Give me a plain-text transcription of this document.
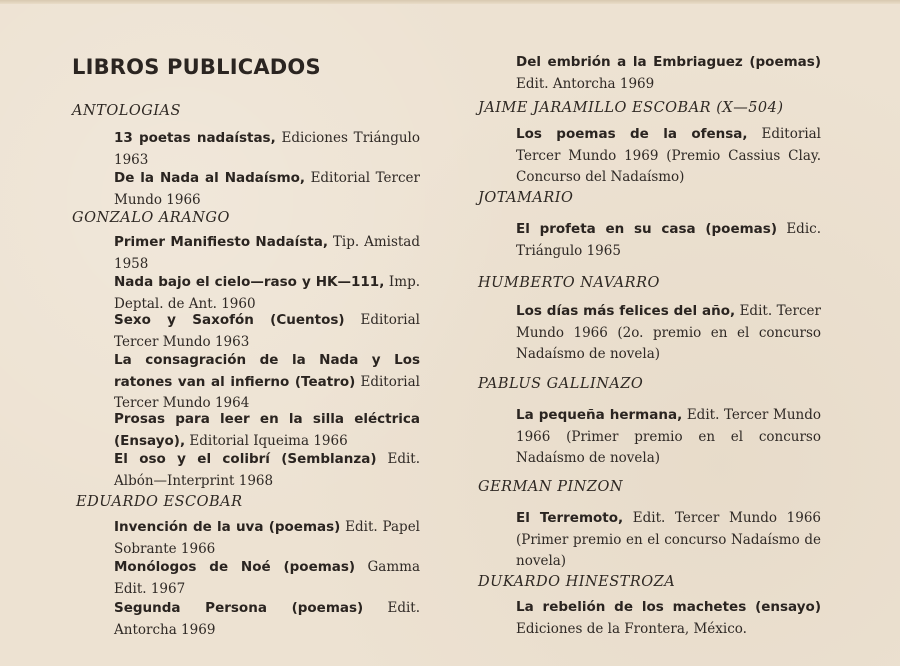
LIBROS PUBLICADOS
ANTOLOGIAS
13 poetas nadaístas, Ediciones Triángulo 1963
De la Nada al Nadaísmo, Editorial Tercer Mundo 1966
GONZALO ARANGO
Primer Manifiesto Nadaísta, Tip. Amistad 1958
Nada bajo el cielo—raso y HK—111, Imp. Deptal. de Ant. 1960
Sexo y Saxofón (Cuentos) Editorial Tercer Mundo 1963
La consagración de la Nada y Los ratones van al infierno (Teatro) Editorial Tercer Mundo 1964
Prosas para leer en la silla eléctrica (Ensayo), Editorial Iqueima 1966
El oso y el colibrí (Semblanza) Edit. Albón—Interprint 1968
EDUARDO ESCOBAR
Invención de la uva (poemas) Edit. Papel Sobrante 1966
Monólogos de Noé (poemas) Gamma Edit. 1967
Segunda Persona (poemas) Edit. Antorcha 1969
Del embrión a la Embriaguez (poemas) Edit. Antorcha 1969
JAIME JARAMILLO ESCOBAR (X—504)
Los poemas de la ofensa, Editorial Tercer Mundo 1969 (Premio Cassius Clay. Concurso del Nadaísmo)
JOTAMARIO
El profeta en su casa (poemas) Edic. Triángulo 1965
HUMBERTO NAVARRO
Los días más felices del año, Edit. Tercer Mundo 1966 (2o. premio en el concurso Nadaísmo de novela)
PABLUS GALLINAZO
La pequeña hermana, Edit. Tercer Mundo 1966 (Primer premio en el concurso Nadaísmo de novela)
GERMAN PINZON
El Terremoto, Edit. Tercer Mundo 1966 (Primer premio en el concurso Nadaísmo de novela)
DUKARDO HINESTROZA
La rebelión de los machetes (ensayo) Ediciones de la Frontera, México.
